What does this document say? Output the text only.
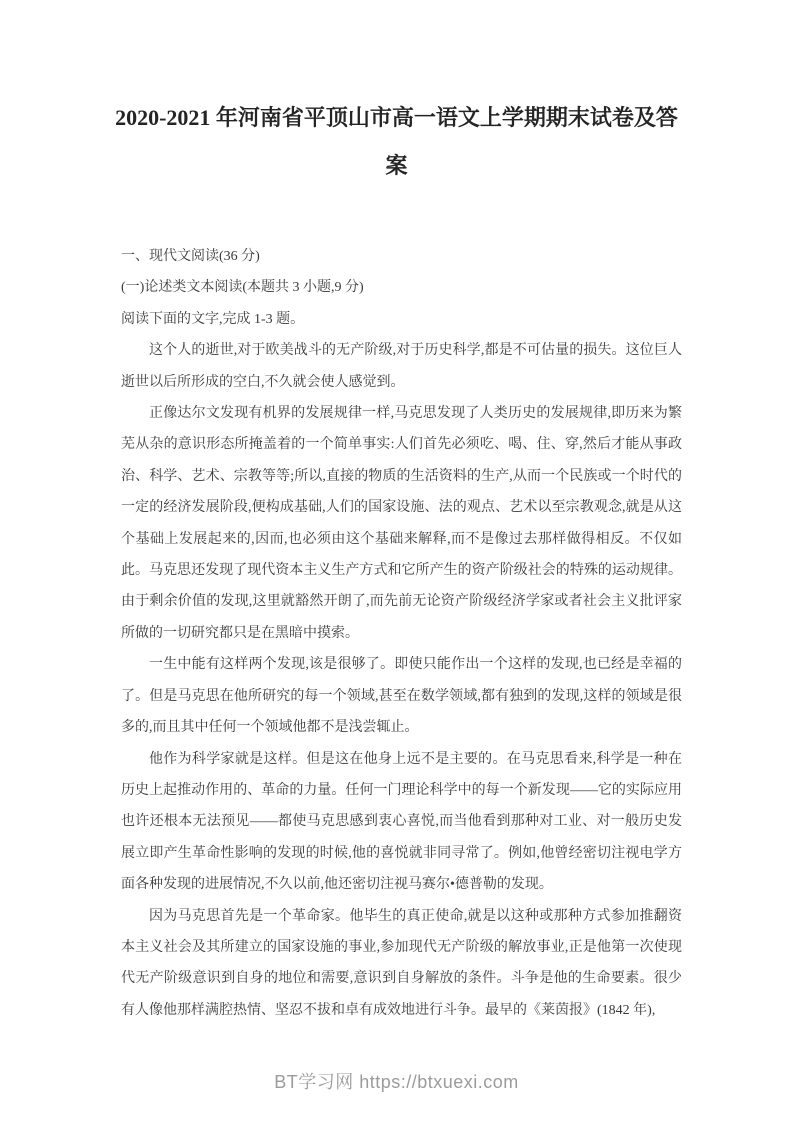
2020-2021 年河南省平顶山市高一语文上学期期末试卷及答
案

一、现代文阅读(36 分)

(一)论述类文本阅读(本题共 3 小题,9 分)

阅读下面的文字,完成 1-3 题。

这个人的逝世,对于欧美战斗的无产阶级,对于历史科学,都是不可估量的损失。这位巨人逝世以后所形成的空白,不久就会使人感觉到。

正像达尔文发现有机界的发展规律一样,马克思发现了人类历史的发展规律,即历来为繁芜从杂的意识形态所掩盖着的一个简单事实:人们首先必须吃、喝、住、穿,然后才能从事政治、科学、艺术、宗教等等;所以,直接的物质的生活资料的生产,从而一个民族或一个时代的一定的经济发展阶段,便构成基础,人们的国家设施、法的观点、艺术以至宗教观念,就是从这个基础上发展起来的,因而,也必须由这个基础来解释,而不是像过去那样做得相反。不仅如此。马克思还发现了现代资本主义生产方式和它所产生的资产阶级社会的特殊的运动规律。由于剩余价值的发现,这里就豁然开朗了,而先前无论资产阶级经济学家或者社会主义批评家所做的一切研究都只是在黑暗中摸索。

一生中能有这样两个发现,该是很够了。即使只能作出一个这样的发现,也已经是幸福的了。但是马克思在他所研究的每一个领域,甚至在数学领域,都有独到的发现,这样的领域是很多的,而且其中任何一个领域他都不是浅尝辄止。

他作为科学家就是这样。但是这在他身上远不是主要的。在马克思看来,科学是一种在历史上起推动作用的、革命的力量。任何一门理论科学中的每一个新发现——它的实际应用也许还根本无法预见——都使马克思感到衷心喜悦,而当他看到那种对工业、对一般历史发展立即产生革命性影响的发现的时候,他的喜悦就非同寻常了。例如,他曾经密切注视电学方面各种发现的进展情况,不久以前,他还密切注视马赛尔•德普勒的发现。

因为马克思首先是一个革命家。他毕生的真正使命,就是以这种或那种方式参加推翻资本主义社会及其所建立的国家设施的事业,参加现代无产阶级的解放事业,正是他第一次使现代无产阶级意识到自身的地位和需要,意识到自身解放的条件。斗争是他的生命要素。很少有人像他那样满腔热情、坚忍不拔和卓有成效地进行斗争。最早的《莱茵报》(1842 年),

BT学习网 https://btxuexi.com
